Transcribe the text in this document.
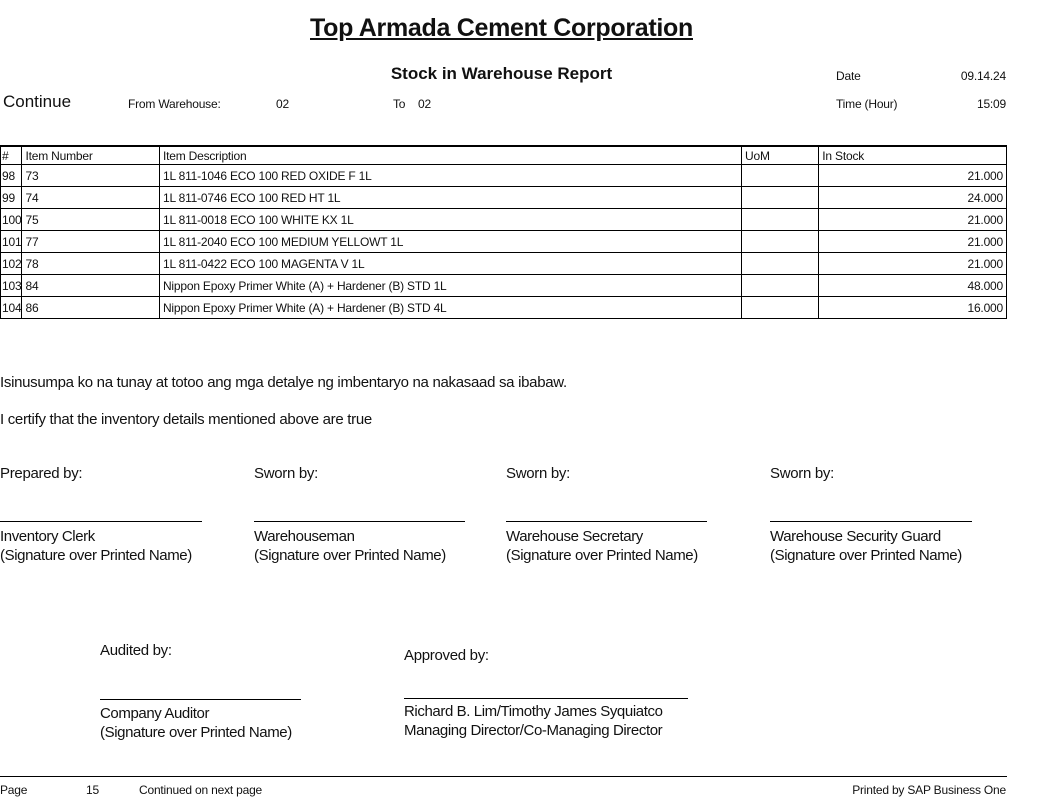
Top Armada Cement Corporation
Stock in Warehouse Report
Continue	From Warehouse:	02	To 02
Date	09.14.24
Time (Hour)	15:09
#	Item Number	Item Description	UoM	In Stock
98	73	1L 811-1046 ECO 100 RED OXIDE F 1L		21.000
99	74	1L 811-0746 ECO 100 RED HT 1L		24.000
100	75	1L 811-0018 ECO 100 WHITE KX 1L		21.000
101	77	1L 811-2040 ECO 100 MEDIUM YELLOWT 1L		21.000
102	78	1L 811-0422 ECO 100 MAGENTA V 1L		21.000
103	84	Nippon Epoxy Primer White (A) + Hardener (B) STD 1L		48.000
104	86	Nippon Epoxy Primer White (A) + Hardener (B) STD 4L		16.000
Isinusumpa ko na tunay at totoo ang mga detalye ng imbentaryo na nakasaad sa ibabaw.
I certify that the inventory details mentioned above are true
Prepared by:
Inventory Clerk
(Signature over Printed Name)
Sworn by:
Warehouseman
(Signature over Printed Name)
Sworn by:
Warehouse Secretary
(Signature over Printed Name)
Sworn by:
Warehouse Security Guard
(Signature over Printed Name)
Audited by:
Company Auditor
(Signature over Printed Name)
Approved by:
Richard B. Lim/Timothy James Syquiatco
Managing Director/Co-Managing Director
Page	15	Continued on next page	Printed by SAP Business One
